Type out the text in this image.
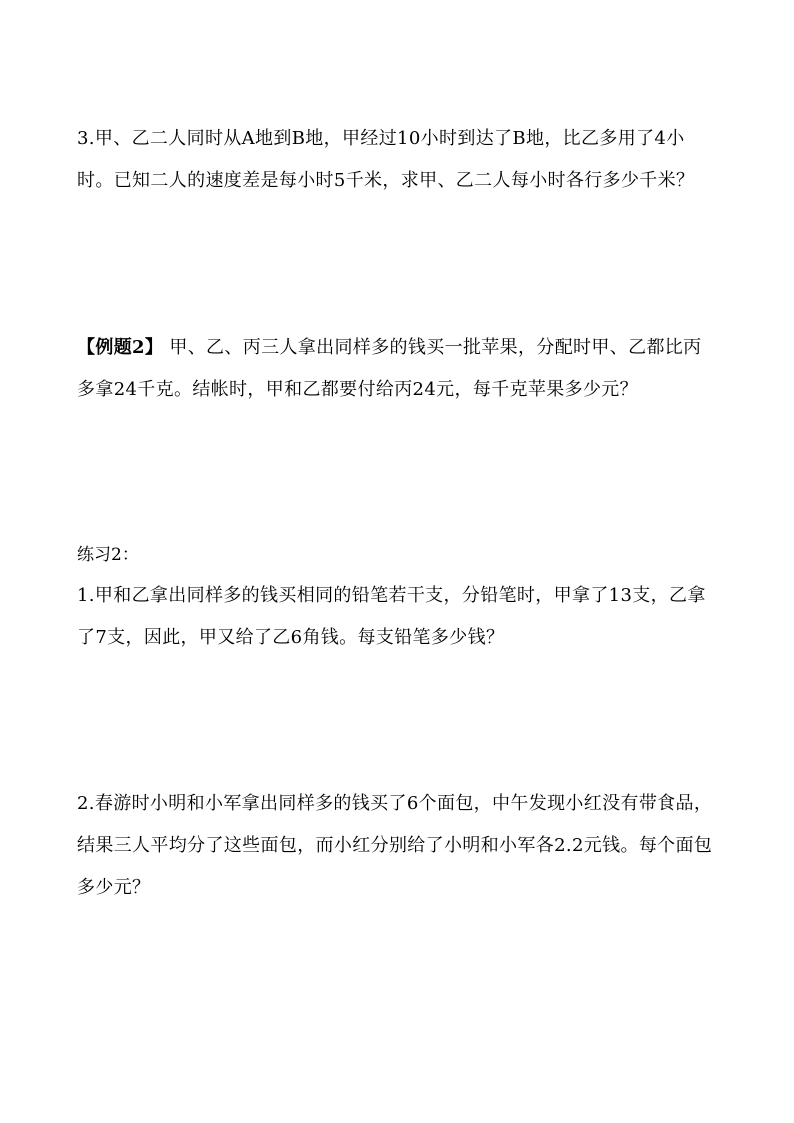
3.甲、乙二人同时从A地到B地，甲经过10小时到达了B地，比乙多用了4小
时。已知二人的速度差是每小时5千米，求甲、乙二人每小时各行多少千米？
【例题2】 甲、乙、丙三人拿出同样多的钱买一批苹果，分配时甲、乙都比丙
多拿24千克。结帐时，甲和乙都要付给丙24元，每千克苹果多少元？
练习2：
1.甲和乙拿出同样多的钱买相同的铅笔若干支，分铅笔时，甲拿了13支，乙拿
了7支，因此，甲又给了乙6角钱。每支铅笔多少钱？
2.春游时小明和小军拿出同样多的钱买了6个面包，中午发现小红没有带食品，
结果三人平均分了这些面包，而小红分别给了小明和小军各2.2元钱。每个面包
多少元？
